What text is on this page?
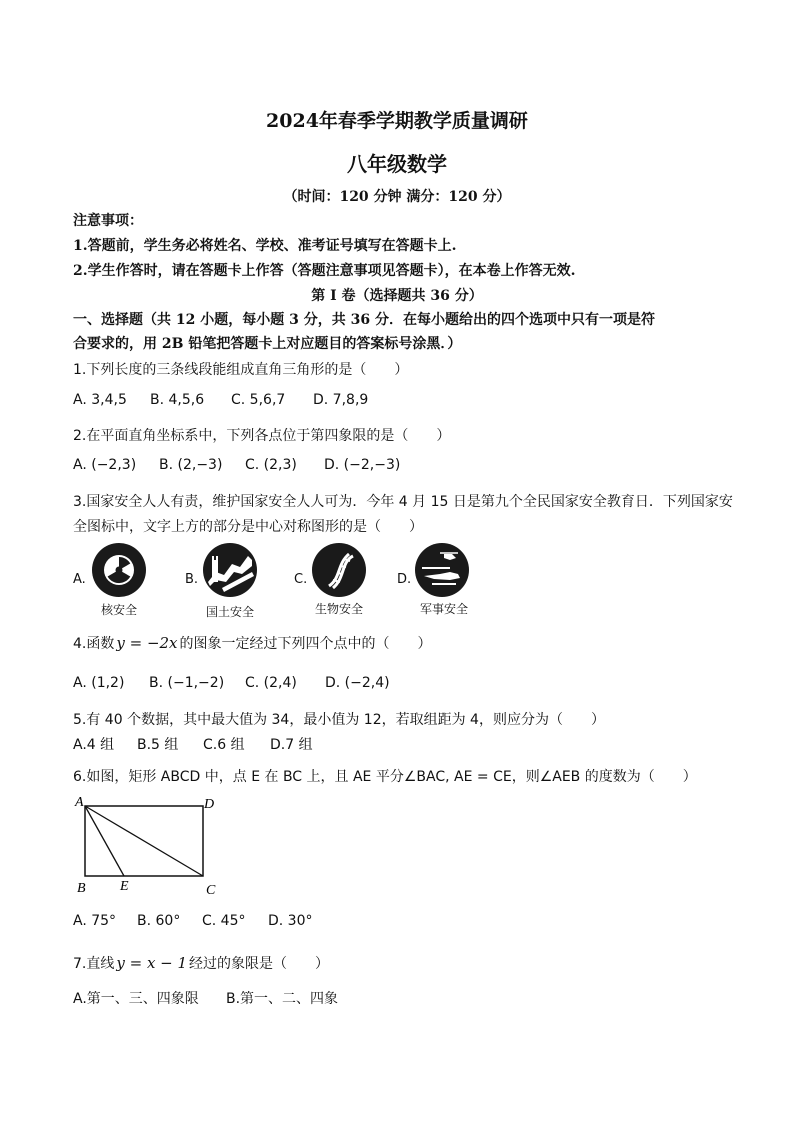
2024年春季学期教学质量调研
八年级数学
（时间：120 分钟 满分：120 分）
注意事项：
1.答题前，学生务必将姓名、学校、准考证号填写在答题卡上.
2.学生作答时，请在答题卡上作答（答题注意事项见答题卡），在本卷上作答无效.
第 I 卷（选择题共 36 分）
一、选择题（共 12 小题，每小题 3 分，共 36 分．在每小题给出的四个选项中只有一项是符
合要求的，用 2B 铅笔把答题卡上对应题目的答案标号涂黑．）
1.下列长度的三条线段能组成直角三角形的是（　　）
A. 3,4,5 B. 4,5,6 C. 5,6,7 D. 7,8,9
2.在平面直角坐标系中，下列各点位于第四象限的是（　　）
A. (−2,3) B. (2,−3) C. (2,3) D. (−2,−3)
3.国家安全人人有责，维护国家安全人人可为．今年 4 月 15 日是第九个全民国家安全教育日．下列国家安
全图标中，文字上方的部分是中心对称图形的是（　　）
A.
核安全
B.
国土安全
C.
生物安全
D.
军事安全
4.函数 y = −2x 的图象一定经过下列四个点中的（　　）
A. (1,2) B. (−1,−2) C. (2,4) D. (−2,4)
5.有 40 个数据，其中最大值为 34，最小值为 12，若取组距为 4，则应分为（　　）
A.4 组 B.5 组 C.6 组 D.7 组
6.如图，矩形 ABCD 中，点 E 在 BC 上，且 AE 平分∠BAC, AE = CE，则∠AEB 的度数为（　　）
A	D
B E	C
A. 75° B. 60° C. 45° D. 30°
7.直线 y = x − 1 经过的象限是（　　）
A.第一、三、四象限 B.第一、二、四象
